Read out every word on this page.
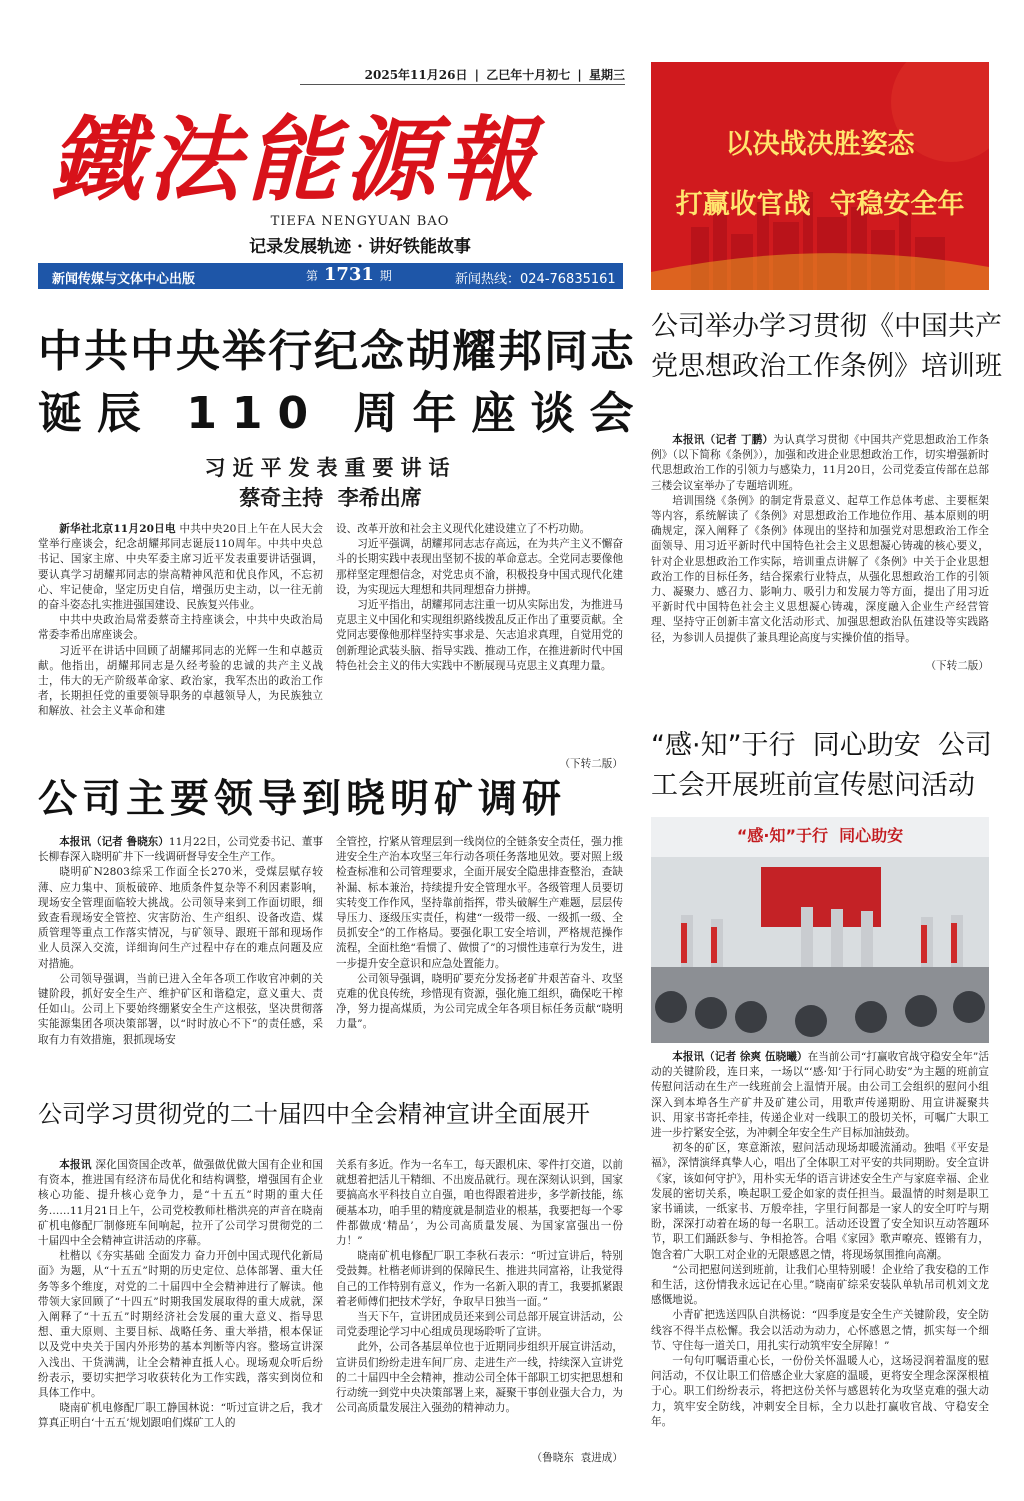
2025年11月26日 | 乙巳年十月初七 | 星期三
鐵法能源報
TIEFA NENGYUAN BAO
记录发展轨迹 · 讲好铁能故事
新闻传媒与文体中心出版	第 1731 期	新闻热线：024-76835161
以决战决胜姿态
打赢收官战  守稳安全年
中共中央举行纪念胡耀邦同志
诞辰 110 周年座谈会
习近平发表重要讲话
蔡奇主持  李希出席

新华社北京11月20日电 中共中央20日上午在人民大会堂举行座谈会，纪念胡耀邦同志诞辰110周年。中共中央总书记、国家主席、中央军委主席习近平发表重要讲话强调，要认真学习胡耀邦同志的崇高精神风范和优良作风，不忘初心、牢记使命，坚定历史自信，增强历史主动，以一往无前的奋斗姿态扎实推进强国建设、民族复兴伟业。

中共中央政治局常委蔡奇主持座谈会，中共中央政治局常委李希出席座谈会。

习近平在讲话中回顾了胡耀邦同志的光辉一生和卓越贡献。他指出，胡耀邦同志是久经考验的忠诚的共产主义战士，伟大的无产阶级革命家、政治家，我军杰出的政治工作者，长期担任党的重要领导职务的卓越领导人，为民族独立和解放、社会主义革命和建

设、改革开放和社会主义现代化建设建立了不朽功勋。

习近平强调，胡耀邦同志志存高远，在为共产主义不懈奋斗的长期实践中表现出坚韧不拔的革命意志。全党同志要像他那样坚定理想信念，对党忠贞不渝，积极投身中国式现代化建设，为实现远大理想和共同理想奋力拼搏。

习近平指出，胡耀邦同志注重一切从实际出发，为推进马克思主义中国化和实现组织路线拨乱反正作出了重要贡献。全党同志要像他那样坚持实事求是、矢志追求真理，自觉用党的创新理论武装头脑、指导实践、推动工作，在推进新时代中国特色社会主义的伟大实践中不断展现马克思主义真理力量。

（下转二版）

公司举办学习贯彻《中国共产
党思想政治工作条例》培训班

本报讯（记者 丁鹏）为认真学习贯彻《中国共产党思想政治工作条例》（以下简称《条例》），加强和改进企业思想政治工作，切实增强新时代思想政治工作的引领力与感染力，11月20日，公司党委宣传部在总部三楼会议室举办了专题培训班。

培训围绕《条例》的制定背景意义、起草工作总体考虑、主要框架等内容，系统解读了《条例》对思想政治工作地位作用、基本原则的明确规定，深入阐释了《条例》体现出的坚持和加强党对思想政治工作全面领导、用习近平新时代中国特色社会主义思想凝心铸魂的核心要义，针对企业思想政治工作实际，培训重点讲解了《条例》中关于企业思想政治工作的目标任务，结合探索行业特点，从强化思想政治工作的引领力、凝聚力、感召力、影响力、吸引力和发展力等方面，提出了用习近平新时代中国特色社会主义思想凝心铸魂，深度融入企业生产经营管理、坚持守正创新丰富文化活动形式、加强思想政治队伍建设等实践路径，为参训人员提供了兼具理论高度与实操价值的指导。

（下转二版）

公司主要领导到晓明矿调研

本报讯（记者 鲁晓东）11月22日，公司党委书记、董事长柳春深入晓明矿井下一线调研督导安全生产工作。

晓明矿N2803综采工作面全长270米，受煤层赋存较薄、应力集中、顶板破碎、地质条件复杂等不利因素影响，现场安全管理面临较大挑战。公司领导来到工作面切眼，细致查看现场安全管控、灾害防治、生产组织、设备改造、煤质管理等重点工作落实情况，与矿领导、跟班干部和现场作业人员深入交流，详细询问生产过程中存在的难点问题及应对措施。

公司领导强调，当前已进入全年各项工作收官冲刺的关键阶段，抓好安全生产、维护矿区和谐稳定，意义重大、责任如山。公司上下要始终绷紧安全生产这根弦，坚决贯彻落实能源集团各项决策部署，以“时时放心不下”的责任感，采取有力有效措施，狠抓现场安

全管控，拧紧从管理层到一线岗位的全链条安全责任，强力推进安全生产治本攻坚三年行动各项任务落地见效。要对照上级检查标准和公司管理要求，全面开展安全隐患排查整治，查缺补漏、标本兼治，持续提升安全管理水平。各级管理人员要切实转变工作作风，坚持靠前指挥，带头破解生产难题，层层传导压力、逐级压实责任，构建“一级带一级、一级抓一级、全员抓安全”的工作格局。要强化职工安全培训，严格规范操作流程，全面杜绝“看惯了、做惯了”的习惯性违章行为发生，进一步提升安全意识和应急处置能力。

公司领导强调，晓明矿要充分发扬老矿井艰苦奋斗、攻坚克难的优良传统，珍惜现有资源，强化施工组织，确保吃干榨净，努力提高煤质，为公司完成全年各项目标任务贡献“晓明力量”。

“感·知”于行  同心助安  公司
工会开展班前宣传慰问活动
“感·知”于行  同心助安

本报讯（记者 徐爽 伍晓曦）在当前公司“打赢收官战守稳安全年”活动的关键阶段，连日来，一场以“‘感·知’于行同心助安”为主题的班前宣传慰问活动在生产一线班前会上温情开展。由公司工会组织的慰问小组深入到本埠各生产矿井及矿建公司，用歌声传递期盼、用宣讲凝聚共识、用家书寄托牵挂，传递企业对一线职工的殷切关怀，可嘱广大职工进一步拧紧安全弦，为冲刺全年安全生产目标加油鼓劲。

初冬的矿区，寒意渐浓，慰问活动现场却暖流涌动。独唱《平安是福》，深情演绎真挚人心，唱出了全体职工对平安的共同期盼。安全宣讲《家，该如何守护》，用朴实无华的语言讲述安全生产与家庭幸福、企业发展的密切关系，唤起职工爱企如家的责任担当。最温情的时刻是职工家书诵读，一纸家书、万般牵挂，字里行间都是一家人的安全叮咛与期盼，深深打动着在场的每一名职工。活动还设置了安全知识互动答题环节，职工们踊跃参与、争相抢答。合唱《家园》歌声嘹亮、铿锵有力，饱含着广大职工对企业的无限感恩之情，将现场氛围推向高潮。

“公司把慰问送到班前，让我们心里特别暖！企业给了我安稳的工作和生活，这份情我永远记在心里。”晓南矿综采安装队单轨吊司机刘文龙感慨地说。

小青矿把选送四队自洪杨说：“四季度是安全生产关键阶段，安全防线容不得半点松懈。我会以活动为动力，心怀感恩之情，抓实每一个细节、守住每一道关口，用扎实行动筑牢安全屏障！”

一句句叮嘱语重心长，一份份关怀温暖人心，这场浸润着温度的慰问活动，不仅让职工们倍感企业大家庭的温暖，更将安全理念深深根植于心。职工们纷纷表示，将把这份关怀与感恩转化为攻坚克难的强大动力，筑牢安全防线，冲刺安全目标，全力以赴打赢收官战、守稳安全年。

公司学习贯彻党的二十届四中全会精神宣讲全面展开

本报讯 深化国资国企改革，做强做优做大国有企业和国有资本，推进国有经济布局优化和结构调整，增强国有企业核心功能、提升核心竞争力，是“十五五”时期的重大任务……11月21日上午，公司党校教师杜楷洪亮的声音在晓南矿机电修配厂制修班车间响起，拉开了公司学习贯彻党的二十届四中全会精神宣讲活动的序幕。

杜楷以《夯实基础 全面发力 奋力开创中国式现代化新局面》为题，从“十五五”时期的历史定位、总体部署、重大任务等多个维度，对党的二十届四中全会精神进行了解读。他带领大家回顾了“十四五”时期我国发展取得的重大成就，深入阐释了“十五五”时期经济社会发展的重大意义、指导思想、重大原则、主要目标、战略任务、重大举措，根本保证以及党中央关于国内外形势的基本判断等内容。整场宣讲深入浅出、干货满满，让全会精神直抵人心。现场观众听后纷纷表示，要切实把学习收获转化为工作实践，落实到岗位和具体工作中。

晓南矿机电修配厂职工静国林说：“听过宣讲之后，我才算真正明白‘十五五’规划跟咱们煤矿工人的

关系有多近。作为一名车工，每天跟机床、零件打交道，以前就想着把活儿干精细、不出废品就行。现在深刻认识到，国家要搞高水平科技自立自强，咱也得跟着进步，多学新技能，练硬基本功，咱手里的精度就是制造业的根基，我要把每一个零件都做成‘精品’，为公司高质量发展、为国家富强出一份力！”

晓南矿机电修配厂职工李秋石表示：“听过宣讲后，特别受鼓舞。杜楷老师讲到的保障民生、推进共同富裕，让我觉得自己的工作特别有意义，作为一名新入职的青工，我要抓紧跟着老师傅们把技术学好，争取早日独当一面。”

当天下午，宣讲团成员还来到公司总部开展宣讲活动，公司党委理论学习中心组成员现场聆听了宣讲。

此外，公司各基层单位也于近期同步组织开展宣讲活动，宣讲员们纷纷走进车间厂房、走进生产一线，持续深入宣讲党的二十届四中全会精神，推动公司全体干部职工切实把思想和行动统一到党中央决策部署上来，凝聚干事创业强大合力，为公司高质量发展注入强劲的精神动力。

（鲁晓东  袁进成）
